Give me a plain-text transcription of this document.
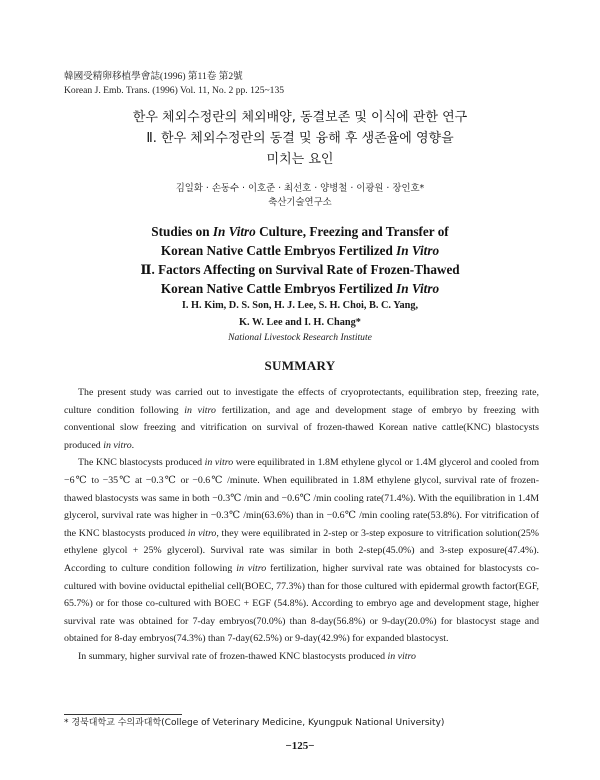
韓國受精卵移植學會誌(1996) 第11卷 第2號
Korean J. Emb. Trans. (1996) Vol. 11, No. 2 pp. 125~135
한우 체외수정란의 체외배양, 동결보존 및 이식에 관한 연구
Ⅱ. 한우 체외수정란의 동결 및 융해 후 생존율에 영향을
미치는 요인
김일화 · 손동수 · 이호준 · 최선호 · 양병철 · 이광원 · 장인호*
축산기술연구소
Studies on In Vitro Culture, Freezing and Transfer of
Korean Native Cattle Embryos Fertilized In Vitro
Ⅱ. Factors Affecting on Survival Rate of Frozen-Thawed
Korean Native Cattle Embryos Fertilized In Vitro
I. H. Kim, D. S. Son, H. J. Lee, S. H. Choi, B. C. Yang,
K. W. Lee and I. H. Chang*
National Livestock Research Institute
SUMMARY

The present study was carried out to investigate the effects of cryoprotectants, equilibration step, freezing rate, culture condition following in vitro fertilization, and age and development stage of embryo by freezing with conventional slow freezing and vitrification on survival of frozen-thawed Korean native cattle(KNC) blastocysts produced in vitro.

The KNC blastocysts produced in vitro were equilibrated in 1.8M ethylene glycol or 1.4M glycerol and cooled from −6℃ to −35℃ at −0.3℃ or −0.6℃ /minute. When equilibrated in 1.8M ethylene glycol, survival rate of frozen-thawed blastocysts was same in both −0.3℃ /min and −0.6℃ /min cooling rate(71.4%). With the equilibration in 1.4M glycerol, survival rate was higher in −0.3℃ /min(63.6%) than in −0.6℃ /min cooling rate(53.8%). For vitrification of the KNC blastocysts produced in vitro, they were equilibrated in 2-step or 3-step exposure to vitrification solution(25% ethylene glycol + 25% glycerol). Survival rate was similar in both 2-step(45.0%) and 3-step exposure(47.4%). According to culture condition following in vitro fertilization, higher survival rate was obtained for blastocysts co-cultured with bovine oviductal epithelial cell(BOEC, 77.3%) than for those cultured with epidermal growth factor(EGF, 65.7%) or for those co-cultured with BOEC + EGF (54.8%). According to embryo age and development stage, higher survival rate was obtained for 7-day embryos(70.0%) than 8-day(56.8%) or 9-day(20.0%) for blastocyst stage and obtained for 8-day embryos(74.3%) than 7-day(62.5%) or 9-day(42.9%) for expanded blastocyst.

In summary, higher survival rate of frozen-thawed KNC blastocysts produced in vitro

* 경북대학교 수의과대학(College of Veterinary Medicine, Kyungpuk National University)
−125−
